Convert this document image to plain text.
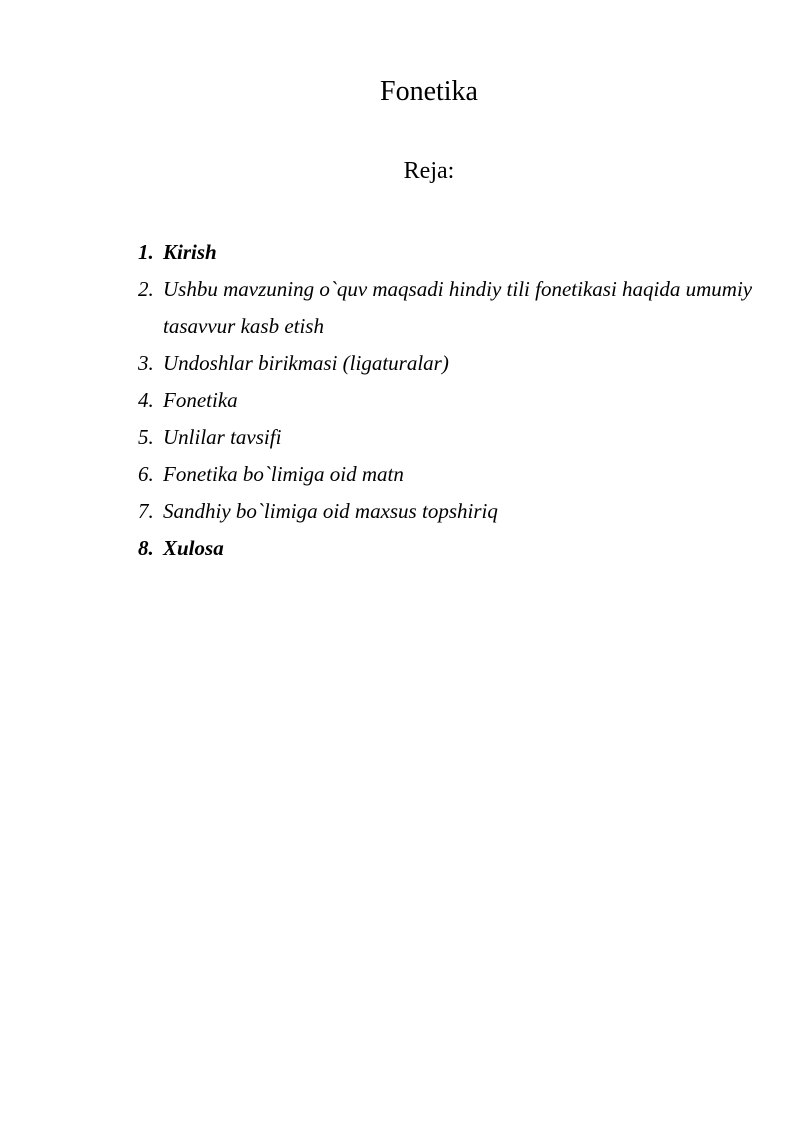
Fonetika
Reja:
1. Kirish
2. Ushbu mavzuning o`quv maqsadi hindiy tili fonetikasi haqida umumiy tasavvur kasb etish
3. Undoshlar birikmasi (ligaturalar)
4. Fonetika
5. Unlilar tavsifi
6. Fonetika bo`limiga oid matn
7. Sandhiy bo`limiga oid maxsus topshiriq
8. Xulosa
